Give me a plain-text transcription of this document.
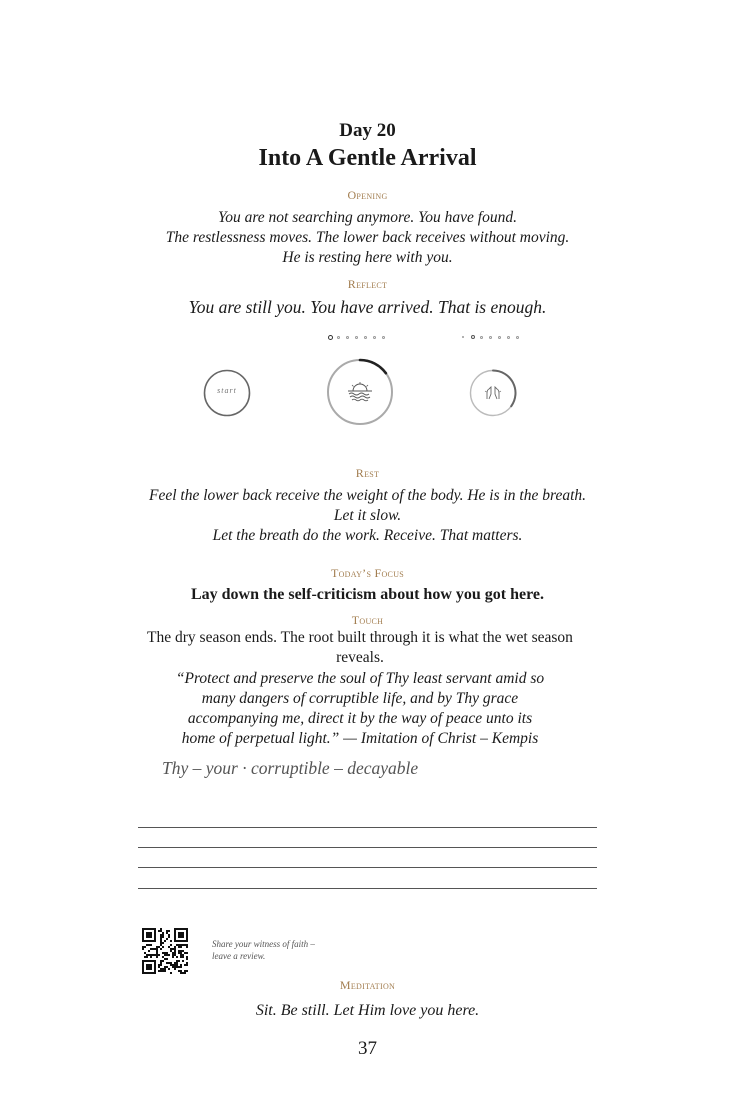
Day 20
Into A Gentle Arrival
Opening
You are not searching anymore. You have found.
The restlessness moves. The lower back receives without moving.
He is resting here with you.
Reflect
You are still you. You have arrived. That is enough.
start
Rest
Feel the lower back receive the weight of the body. He is in the breath.
Let it slow.
Let the breath do the work. Receive. That matters.
Today’s Focus
Lay down the self-criticism about how you got here.
Touch
The dry season ends. The root built through it is what the wet season reveals.
“Protect and preserve the soul of Thy least servant amid so
many dangers of corruptible life, and by Thy grace
accompanying me, direct it by the way of peace unto its
home of perpetual light.” — Imitation of Christ – Kempis
Thy – your · corruptible – decayable
Share your witness of faith –
leave a review.
Meditation
Sit. Be still. Let Him love you here.
37
